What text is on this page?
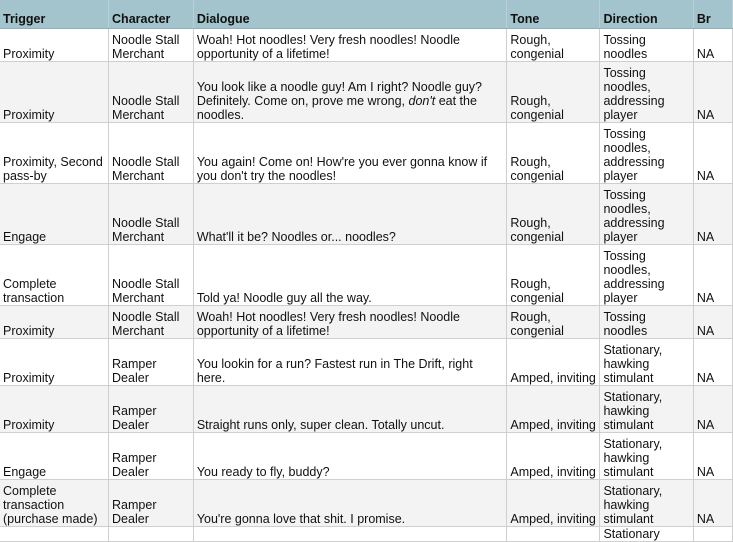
Trigger	Character	Dialogue	Tone	Direction	Br
Proximity	Noodle Stall Merchant	Woah! Hot noodles! Very fresh noodles! Noodle opportunity of a lifetime!	Rough, congenial	Tossing noodles	NA
Proximity	Noodle Stall Merchant	You look like a noodle guy! Am I right? Noodle guy? Definitely. Come on, prove me wrong, don't eat the noodles.	Rough, congenial	Tossing noodles, addressing player	NA
Proximity, Second pass-by	Noodle Stall Merchant	You again! Come on! How're you ever gonna know if you don't try the noodles!	Rough, congenial	Tossing noodles, addressing player	NA
Engage	Noodle Stall Merchant	What'll it be? Noodles or... noodles?	Rough, congenial	Tossing noodles, addressing player	NA
Complete transaction	Noodle Stall Merchant	Told ya! Noodle guy all the way.	Rough, congenial	Tossing noodles, addressing player	NA
Proximity	Noodle Stall Merchant	Woah! Hot noodles! Very fresh noodles! Noodle opportunity of a lifetime!	Rough, congenial	Tossing noodles	NA
Proximity	Ramper Dealer	You lookin for a run? Fastest run in The Drift, right here.	Amped, inviting	Stationary, hawking stimulant	NA
Proximity	Ramper Dealer	Straight runs only, super clean. Totally uncut.	Amped, inviting	Stationary, hawking stimulant	NA
Engage	Ramper Dealer	You ready to fly, buddy?	Amped, inviting	Stationary, hawking stimulant	NA
Complete transaction (purchase made)	Ramper Dealer	You're gonna love that shit. I promise.	Amped, inviting	Stationary, hawking stimulant	NA
				Stationary	
